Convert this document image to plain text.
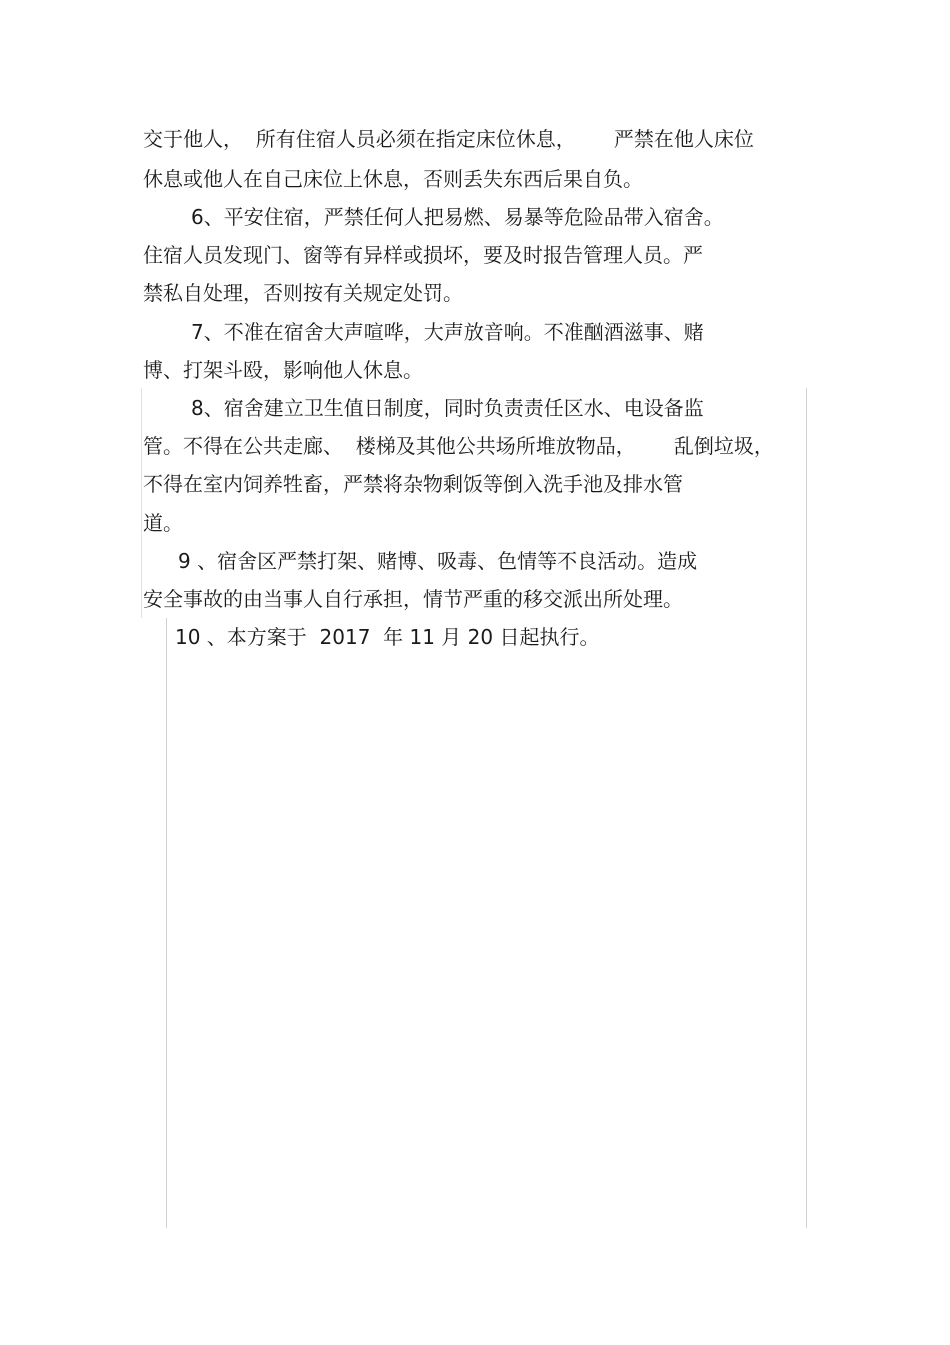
交于他人，  所有住宿人员必须在指定床位休息，      严禁在他人床位
休息或他人在自己床位上休息，否则丢失东西后果自负。
6、平安住宿，严禁任何人把易燃、易暴等危险品带入宿舍。
住宿人员发现门、窗等有异样或损坏，要及时报告管理人员。严
禁私自处理，否则按有关规定处罚。
7、不准在宿舍大声喧哗，大声放音响。不准酗酒滋事、赌
博、打架斗殴，影响他人休息。
8、宿舍建立卫生值日制度，同时负责责任区水、电设备监
管。不得在公共走廊、  楼梯及其他公共场所堆放物品，      乱倒垃圾，
不得在室内饲养牲畜，严禁将杂物剩饭等倒入洗手池及排水管
道。
9 、宿舍区严禁打架、赌博、吸毒、色情等不良活动。造成
安全事故的由当事人自行承担，情节严重的移交派出所处理。
10 、本方案于  2017  年 11 月 20 日起执行。
